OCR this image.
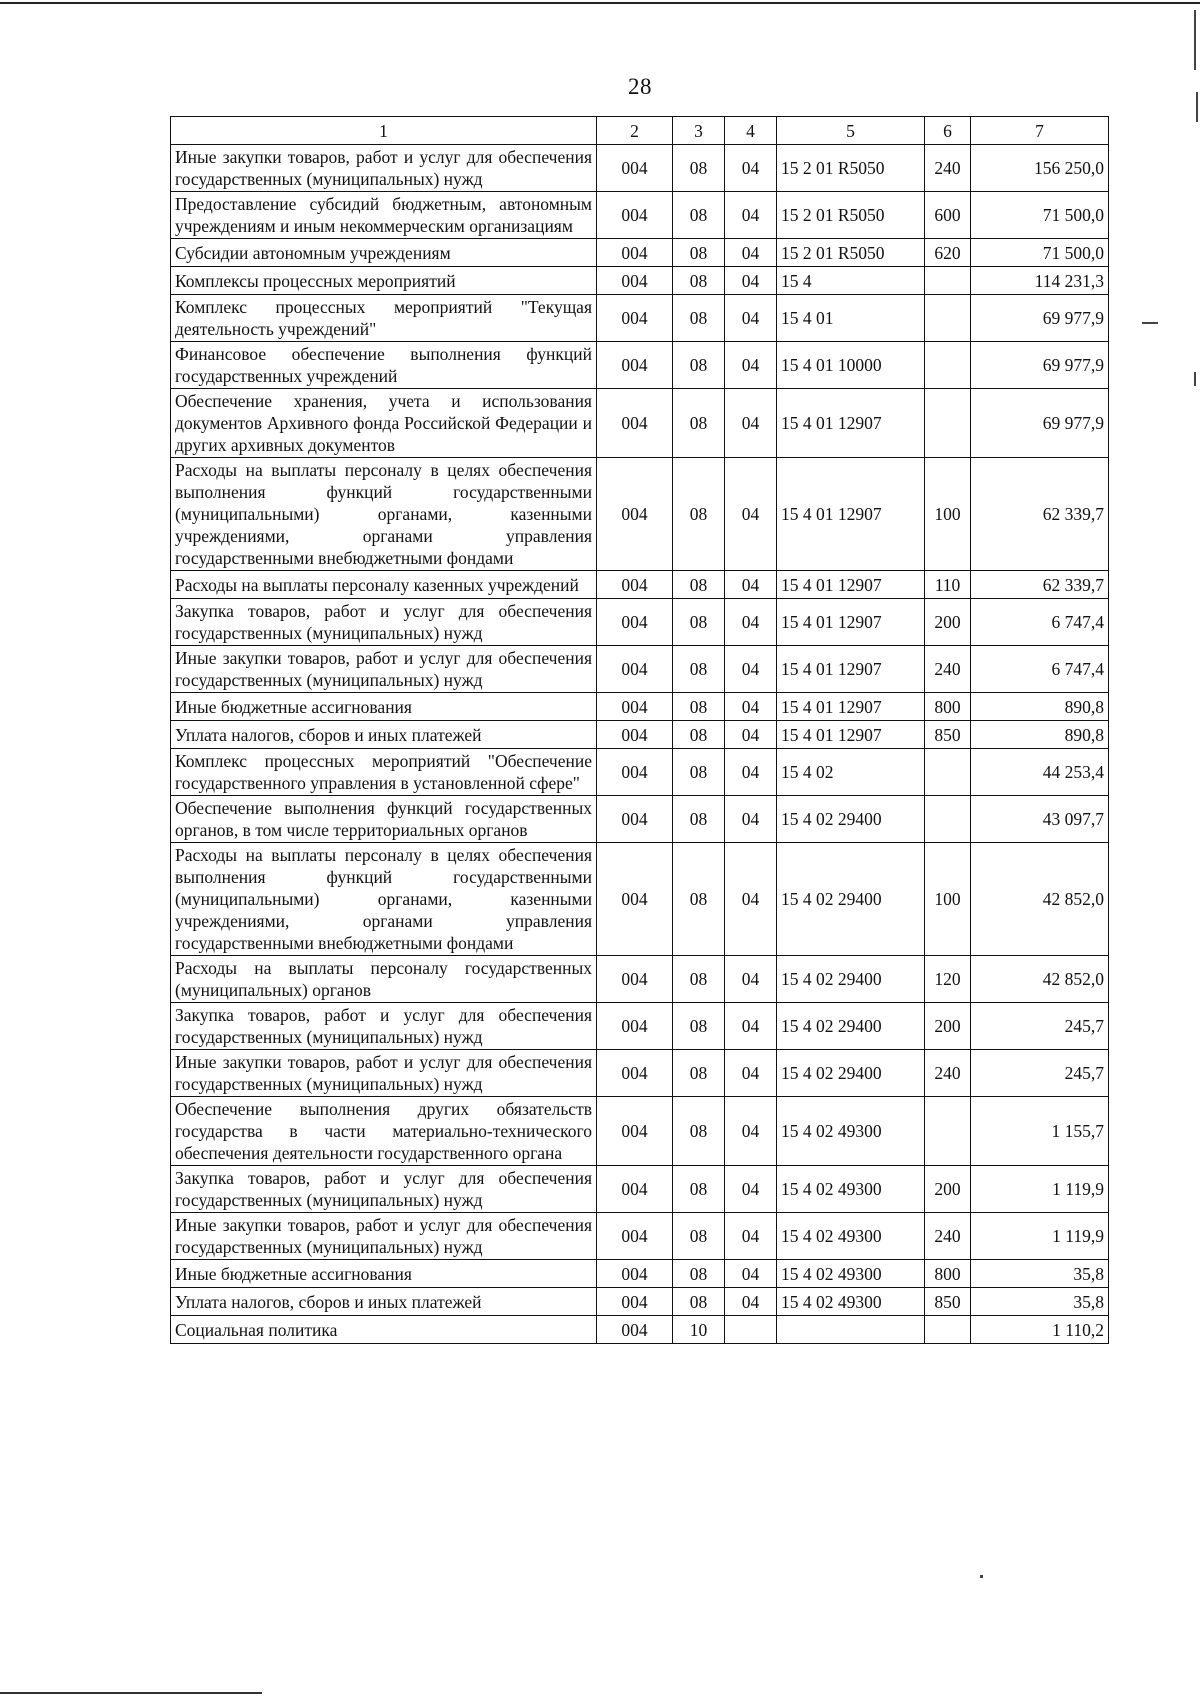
28
1	2	3	4	5	6	7
Иные закупки товаров, работ и услуг для обеспечения государственных (муниципальных) нужд	004	08	04	15 2 01 R5050	240	156 250,0
Предоставление субсидий бюджетным, автономным учреждениям и иным некоммерческим организациям	004	08	04	15 2 01 R5050	600	71 500,0
Субсидии автономным учреждениям	004	08	04	15 2 01 R5050	620	71 500,0
Комплексы процессных мероприятий	004	08	04	15 4		114 231,3
Комплекс процессных мероприятий "Текущая деятельность учреждений"	004	08	04	15 4 01		69 977,9
Финансовое обеспечение выполнения функций государственных учреждений	004	08	04	15 4 01 10000		69 977,9
Обеспечение хранения, учета и использования документов Архивного фонда Российской Федерации и других архивных документов	004	08	04	15 4 01 12907		69 977,9
Расходы на выплаты персоналу в целях обеспечения выполнения функций государственными (муниципальными) органами, казенными учреждениями, органами управления государственными внебюджетными фондами	004	08	04	15 4 01 12907	100	62 339,7
Расходы на выплаты персоналу казенных учреждений	004	08	04	15 4 01 12907	110	62 339,7
Закупка товаров, работ и услуг для обеспечения государственных (муниципальных) нужд	004	08	04	15 4 01 12907	200	6 747,4
Иные закупки товаров, работ и услуг для обеспечения государственных (муниципальных) нужд	004	08	04	15 4 01 12907	240	6 747,4
Иные бюджетные ассигнования	004	08	04	15 4 01 12907	800	890,8
Уплата налогов, сборов и иных платежей	004	08	04	15 4 01 12907	850	890,8
Комплекс процессных мероприятий "Обеспечение государственного управления в установленной сфере"	004	08	04	15 4 02		44 253,4
Обеспечение выполнения функций государственных органов, в том числе территориальных органов	004	08	04	15 4 02 29400		43 097,7
Расходы на выплаты персоналу в целях обеспечения выполнения функций государственными (муниципальными) органами, казенными учреждениями, органами управления государственными внебюджетными фондами	004	08	04	15 4 02 29400	100	42 852,0
Расходы на выплаты персоналу государственных (муниципальных) органов	004	08	04	15 4 02 29400	120	42 852,0
Закупка товаров, работ и услуг для обеспечения государственных (муниципальных) нужд	004	08	04	15 4 02 29400	200	245,7
Иные закупки товаров, работ и услуг для обеспечения государственных (муниципальных) нужд	004	08	04	15 4 02 29400	240	245,7
Обеспечение выполнения других обязательств государства в части материально-технического обеспечения деятельности государственного органа	004	08	04	15 4 02 49300		1 155,7
Закупка товаров, работ и услуг для обеспечения государственных (муниципальных) нужд	004	08	04	15 4 02 49300	200	1 119,9
Иные закупки товаров, работ и услуг для обеспечения государственных (муниципальных) нужд	004	08	04	15 4 02 49300	240	1 119,9
Иные бюджетные ассигнования	004	08	04	15 4 02 49300	800	35,8
Уплата налогов, сборов и иных платежей	004	08	04	15 4 02 49300	850	35,8
Социальная политика	004	10				1 110,2
